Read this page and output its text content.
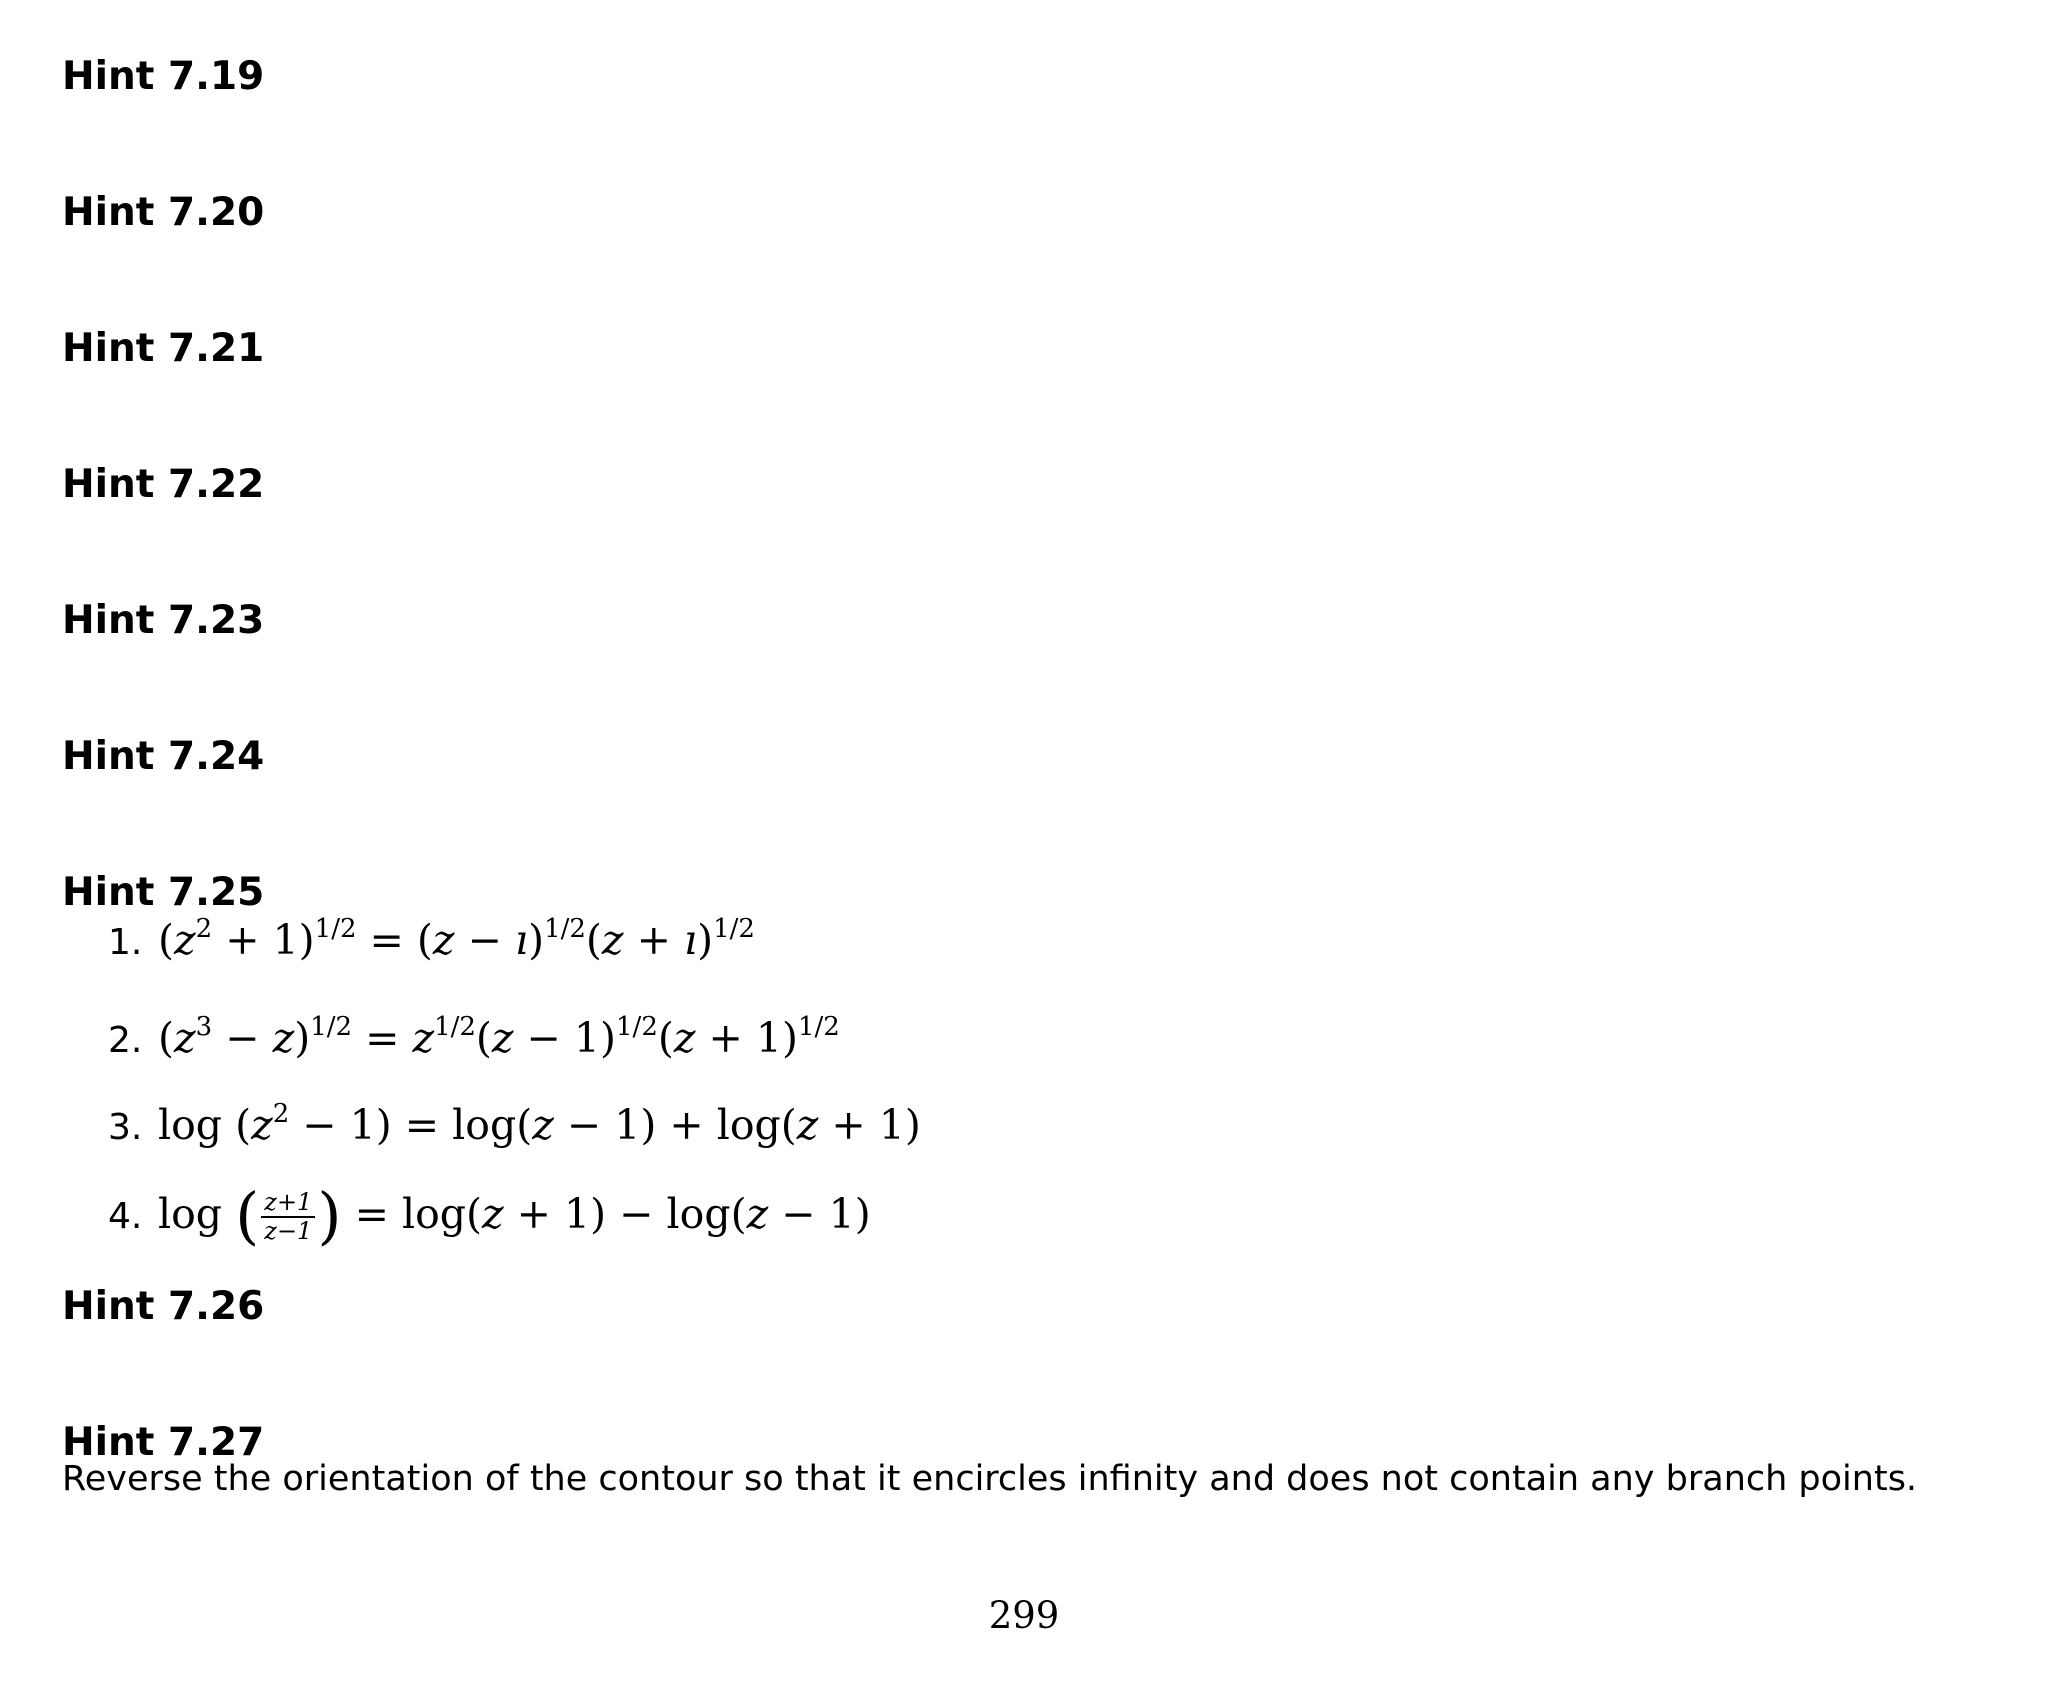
Hint 7.19
Hint 7.20
Hint 7.21
Hint 7.22
Hint 7.23
Hint 7.24
Hint 7.25
1. $(z^2 + 1)^{1/2} = (z$ − ı)$^{1/2}$(z + ı)$^{1/2}$
2. $(z^3 - z)^{1/2} = z^{1/2}(z - 1)^{1/2}(z + 1)^{1/2}$
3. $\log (z^2 - 1) = \log(z - 1) + \log(z + 1)$
4. log ( $\frac{z+1}{z-1}$ ) = log(z + 1) − log(z − 1)
Hint 7.26
Hint 7.27

Reverse the orientation of the contour so that it encircles infinity and does not contain any branch points.

299
